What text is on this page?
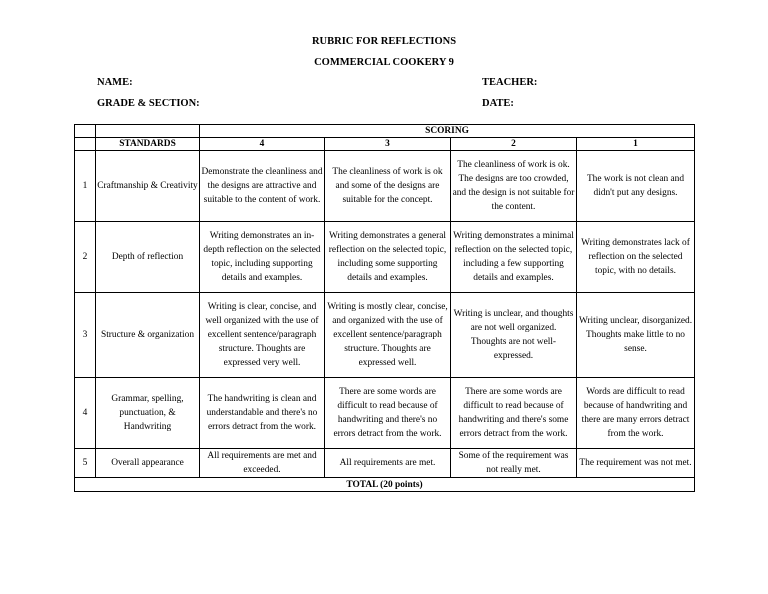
RUBRIC FOR REFLECTIONS
COMMERCIAL COOKERY 9
NAME:	TEACHER:
GRADE & SECTION:	DATE:
		SCORING			
	STANDARDS	4	3	2	1
1	Craftmanship & Creativity	Demonstrate the cleanliness and the designs are attractive and suitable to the content of work.	The cleanliness of work is ok and some of the designs are suitable for the concept.	The cleanliness of work is ok. The designs are too crowded, and the design is not suitable for the content.	The work is not clean and didn't put any designs.
2	Depth of reflection	Writing demonstrates an in-depth reflection on the selected topic, including supporting details and examples.	Writing demonstrates a general reflection on the selected topic, including some supporting details and examples.	Writing demonstrates a minimal reflection on the selected topic, including a few supporting details and examples.	Writing demonstrates lack of reflection on the selected topic, with no details.
3	Structure & organization	Writing is clear, concise, and well organized with the use of excellent sentence/paragraph structure. Thoughts are expressed very well.	Writing is mostly clear, concise, and organized with the use of excellent sentence/paragraph structure. Thoughts are expressed well.	Writing is unclear, and thoughts are not well organized. Thoughts are not well-expressed.	Writing unclear, disorganized. Thoughts make little to no sense.
4	Grammar, spelling, punctuation, & Handwriting	The handwriting is clean and understandable and there's no errors detract from the work.	There are some words are difficult to read because of handwriting and there's no errors detract from the work.	There are some words are difficult to read because of handwriting and there's some errors detract from the work.	Words are difficult to read because of handwriting and there are many errors detract from the work.
5	Overall appearance	All requirements are met and exceeded.	All requirements are met.	Some of the requirement was not really met.	The requirement was not met.
TOTAL (20 points)					
